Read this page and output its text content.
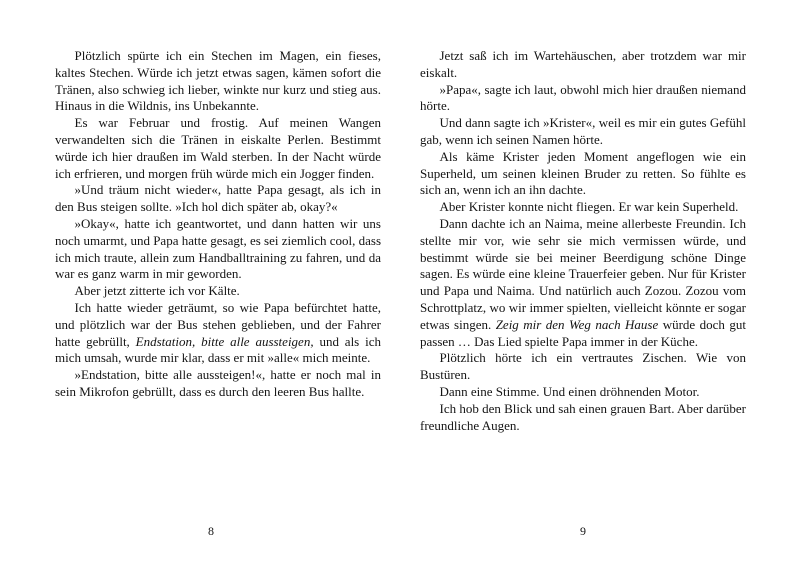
Plötzlich spürte ich ein Stechen im Magen, ein fieses, kaltes Stechen. Würde ich jetzt etwas sagen, kämen sofort die Tränen, also schwieg ich lieber, winkte nur kurz und stieg aus. Hinaus in die Wildnis, ins Unbekannte.

Es war Februar und frostig. Auf meinen Wangen verwandelten sich die Tränen in eiskalte Perlen. Bestimmt würde ich hier draußen im Wald sterben. In der Nacht würde ich erfrieren, und morgen früh würde mich ein Jogger finden.

»Und träum nicht wieder«, hatte Papa gesagt, als ich in den Bus steigen sollte. »Ich hol dich später ab, okay?«

»Okay«, hatte ich geantwortet, und dann hatten wir uns noch umarmt, und Papa hatte gesagt, es sei ziemlich cool, dass ich mich traute, allein zum Handballtraining zu fahren, und da war es ganz warm in mir geworden.

Aber jetzt zitterte ich vor Kälte.

Ich hatte wieder geträumt, so wie Papa befürchtet hatte, und plötzlich war der Bus stehen geblieben, und der Fahrer hatte gebrüllt, Endstation, bitte alle aussteigen, und als ich mich umsah, wurde mir klar, dass er mit »alle« mich meinte.

»Endstation, bitte alle aussteigen!«, hatte er noch mal in sein Mikrofon gebrüllt, dass es durch den leeren Bus hallte.

8

Jetzt saß ich im Wartehäuschen, aber trotzdem war mir eiskalt.

»Papa«, sagte ich laut, obwohl mich hier draußen niemand hörte.

Und dann sagte ich »Krister«, weil es mir ein gutes Gefühl gab, wenn ich seinen Namen hörte.

Als käme Krister jeden Moment angeflogen wie ein Superheld, um seinen kleinen Bruder zu retten. So fühlte es sich an, wenn ich an ihn dachte.

Aber Krister konnte nicht fliegen. Er war kein Superheld.

Dann dachte ich an Naima, meine allerbeste Freundin. Ich stellte mir vor, wie sehr sie mich vermissen würde, und bestimmt würde sie bei meiner Beerdigung schöne Dinge sagen. Es würde eine kleine Trauerfeier geben. Nur für Krister und Papa und Naima. Und natürlich auch Zozou. Zozou vom Schrottplatz, wo wir immer spielten, vielleicht könnte er sogar etwas singen. Zeig mir den Weg nach Hause würde doch gut passen … Das Lied spielte Papa immer in der Küche.

Plötzlich hörte ich ein vertrautes Zischen. Wie von Bustüren.

Dann eine Stimme. Und einen dröhnenden Motor.

Ich hob den Blick und sah einen grauen Bart. Aber darüber freundliche Augen.

9
